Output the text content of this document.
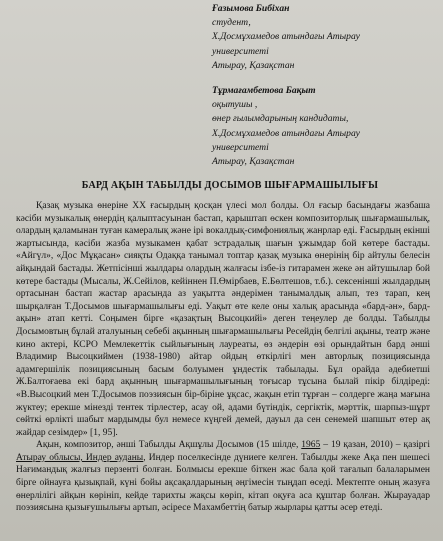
Ғазымова Бибіхан
студент,
Х.Досмұхамедов атындағы Атырау
университеті
Атырау, Қазақстан
Тұрмағамбетова Бақыт
оқытушы ,
өнер ғылымдарының кандидаты,
Х.Досмұхамедов атындағы Атырау
университеті
Атырау, Қазақстан
БАРД АҚЫН ТАБЫЛДЫ ДОСЫМОВ ШЫҒАРМАШЫЛЫҒЫ

Қазақ музыка өнеріне ХХ ғасырдың қосқан үлесі мол болды. Ол ғасыр басындағы жазбаша кәсіби музыкалық өнердің қалыптасуынан бастап, қарыштап өскен композиторлық шығармашылық, олардың қаламынан туған камералық және ірі вокалдық-симфониялық жанрлар еді. Ғасырдың екінші жартысында, кәсіби жазба музыкамен қабат эстрадалық шағын ұжымдар бой көтере бастады. «Айгүл», «Дос Мұқасан» сияқты Одаққа танымал топтар қазақ музыка өнерінің бір айтулы белесін айқындай бастады. Жетпісінші жылдары олардың жалғасы ізбе-із гитарамен жеке ән айтушылар бой көтере бастады (Мысалы, Ж.Сейілов, кейіннен П.Өмірбаев, Е.Бөлтешов, т.б.). сексенінші жылдардың ортасынан бастап жастар арасында аз уақытта әндерімен танымалдық алып, тез тарап, кең шырқалған Т.Досымов шығармашылығы еді. Уақыт өте келе оны халық арасында «бард-ән», бард-ақын» атап кетті. Соңымен бірге «қазақтың Высоцкийі» деген теңеулер де болды. Табылды Досымовтың бұлай аталуының себебі ақынның шығармашылығы Ресейдің белгілі ақыны, театр және кино актері, КСРО Мемлекеттік сыйлығының лауреаты, өз әндерін өзі орындайтын бард әнші Владимир Высоцкиймен (1938-1980) айтар ойдың өткірлігі мен авторлық позициясында адамгершілік позициясының басым болуымен ұндестік табылады. Бұл орайда әдебиетші Ж.Балтоғаева екі бард ақынның шығармашылығының тоғысар тұсына былай пікір білдіреді: «В.Высоцкий мен Т.Досымов поэзиясын бір-біріне ұқсас, жақын етіп тұрған – солдерге жаңа мағына жүктеу; ерекше мінезді тентек тірлестер, асау ой, адами бүтіндік, сергіктік, мәрттік, шарпыз-шұрт сөйткі өрлікті шабыт мардымды бул немесе күңгей демей, дауыл да сен сенемей шапшыт өтер ақ жайдар сезімдер» [1, 95].

Ақын, композитор, әнші Табылды Ақшұлы Досымов (15 шілде, 1965 – 19 қазан, 2010) – қазіргі Атырау облысы, Индер ауданы, Индер поселкесінде дүниеге келген. Табылды жеке Ақа пен шешесі Нағимандық жалғыз перзенті болған. Болмысы ерекше біткен жас бала қой тағалып балаларымен бірге ойнауға қызықпай, күні бойы ақсақалдарының әңгімесін тыңдап өседі. Мектепте оның жазуға өнерлілігі айқын көрініп, кейде тарихты жақсы көріп, кітап оқуға аса құштар болған. Жырауадар поэзиясына қызығушылығы артып, әсіресе Махамбеттің батыр жырлары қатты әсер етеді.
